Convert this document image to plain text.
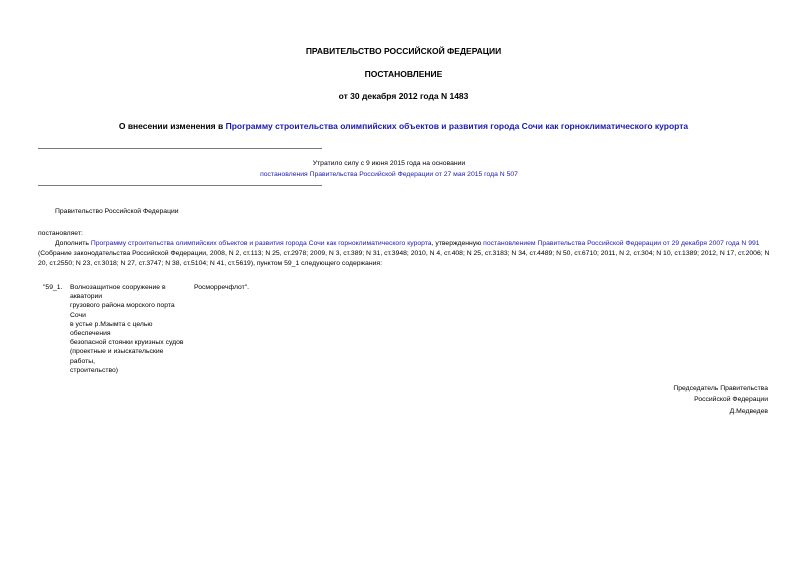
ПРАВИТЕЛЬСТВО РОССИЙСКОЙ ФЕДЕРАЦИИ
ПОСТАНОВЛЕНИЕ
от 30 декабря 2012 года N 1483
О внесении изменения в Программу строительства олимпийских объектов и развития города Сочи как горноклиматического курорта
Утратило силу с 9 июня 2015 года на основании
постановления Правительства Российской Федерации от 27 мая 2015 года N 507
Правительство Российской Федерации
постановляет:
Дополнить Программу строительства олимпийских объектов и развития города Сочи как горноклиматического курорта, утвержденную постановлением Правительства Российской Федерации от 29 декабря 2007 года N 991 (Собрание законодательства Российской Федерации, 2008, N 2, ст.113; N 25, ст.2978; 2009, N 3, ст.389; N 31, ст.3948; 2010, N 4, ст.408; N 25, ст.3183; N 34, ст.4489; N 50, ст.6710; 2011, N 2, ст.304; N 10, ст.1389; 2012, N 17, ст.2006; N 20, ст.2550; N 23, ст.3018; N 27, ст.3747; N 38, ст.5104; N 41, ст.5619), пунктом 59_1 следующего содержания:
"59_1. Волнозащитное сооружение в
акватории
грузового района морского порта
Сочи
в устье р.Мзымта с целью
обеспечения
безопасной стоянки круизных судов
(проектные и изыскательские
работы,
строительство)
Росморречфлот".
Председатель Правительства
Российской Федерации
Д.Медведев
